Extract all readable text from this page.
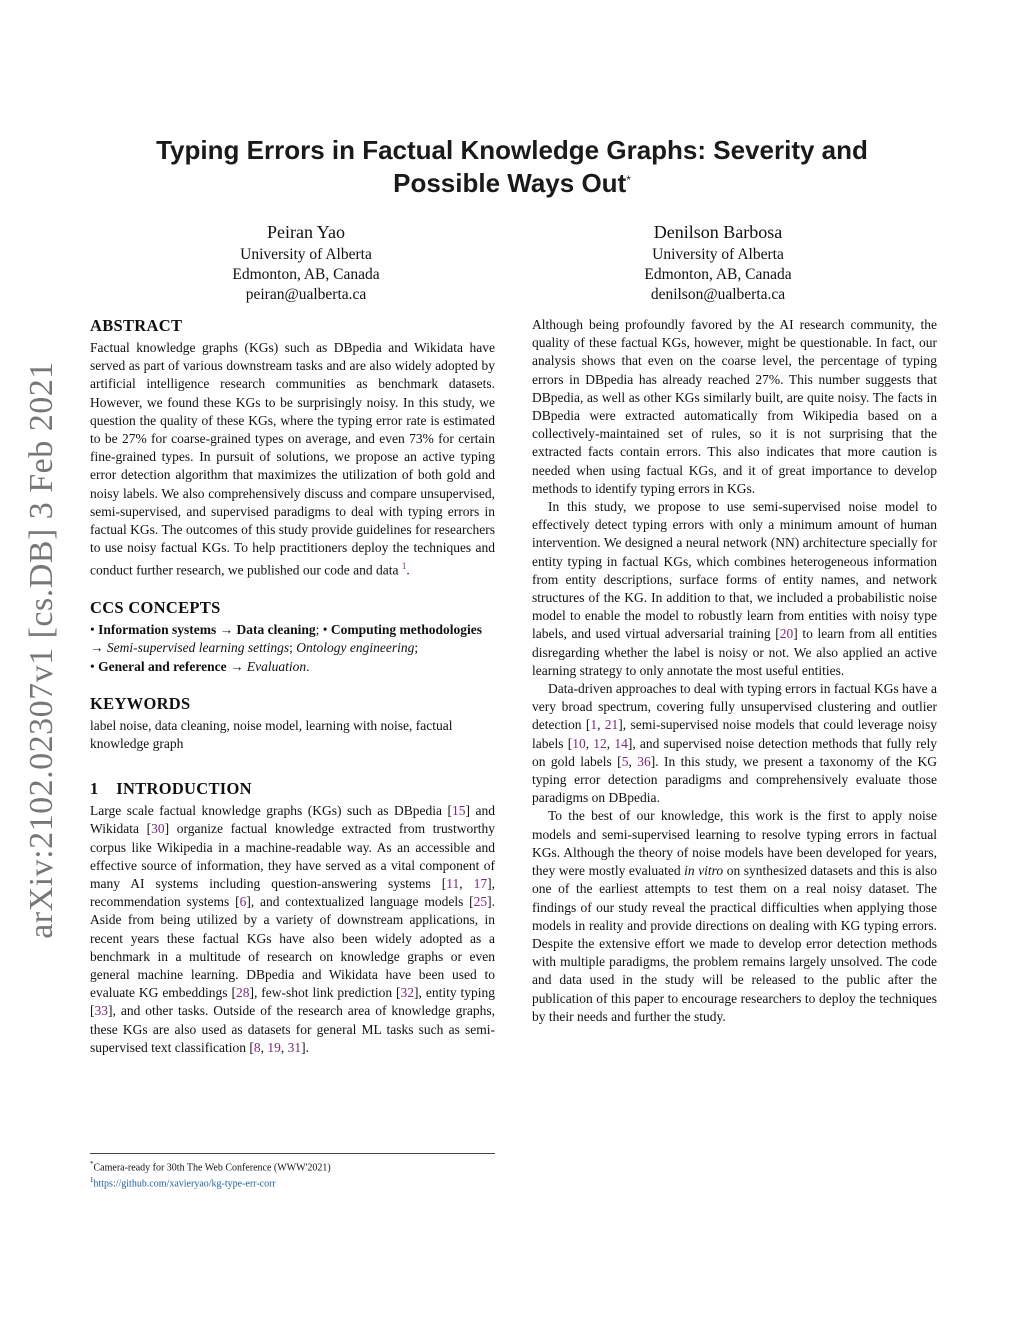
arXiv:2102.02307v1 [cs.DB] 3 Feb 2021
Typing Errors in Factual Knowledge Graphs: Severity and
Possible Ways Out*
Peiran Yao
University of Alberta
Edmonton, AB, Canada
peiran@ualberta.ca
Denilson Barbosa
University of Alberta
Edmonton, AB, Canada
denilson@ualberta.ca
ABSTRACT

Factual knowledge graphs (KGs) such as DBpedia and Wikidata have served as part of various downstream tasks and are also widely adopted by artificial intelligence research communities as benchmark datasets. However, we found these KGs to be surprisingly noisy. In this study, we question the quality of these KGs, where the typing error rate is estimated to be 27% for coarse-grained types on average, and even 73% for certain fine-grained types. In pursuit of solutions, we propose an active typing error detection algorithm that maximizes the utilization of both gold and noisy labels. We also comprehensively discuss and compare unsupervised, semi-supervised, and supervised paradigms to deal with typing errors in factual KGs. The outcomes of this study provide guidelines for researchers to use noisy factual KGs. To help practitioners deploy the techniques and conduct further research, we published our code and data $^1$.

CCS CONCEPTS

• Information systems → Data cleaning; • Computing methodologies → Semi-supervised learning settings; Ontology engineering;
• General and reference → Evaluation.

KEYWORDS

label noise, data cleaning, noise model, learning with noise, factual knowledge graph

1    INTRODUCTION

Large scale factual knowledge graphs (KGs) such as DBpedia [15] and Wikidata [30] organize factual knowledge extracted from trustworthy corpus like Wikipedia in a machine-readable way. As an accessible and effective source of information, they have served as a vital component of many AI systems including question-answering systems [11, 17], recommendation systems [6], and contextualized language models [25]. Aside from being utilized by a variety of downstream applications, in recent years these factual KGs have also been widely adopted as a benchmark in a multitude of research on knowledge graphs or even general machine learning. DBpedia and Wikidata have been used to evaluate KG embeddings [28], few-shot link prediction [32], entity typing [33], and other tasks. Outside of the research area of knowledge graphs, these KGs are also used as datasets for general ML tasks such as semi-supervised text classification [8, 19, 31].

Although being profoundly favored by the AI research community, the quality of these factual KGs, however, might be questionable. In fact, our analysis shows that even on the coarse level, the percentage of typing errors in DBpedia has already reached 27%. This number suggests that DBpedia, as well as other KGs similarly built, are quite noisy. The facts in DBpedia were extracted automatically from Wikipedia based on a collectively-maintained set of rules, so it is not surprising that the extracted facts contain errors. This also indicates that more caution is needed when using factual KGs, and it of great importance to develop methods to identify typing errors in KGs.

In this study, we propose to use semi-supervised noise model to effectively detect typing errors with only a minimum amount of human intervention. We designed a neural network (NN) architecture specially for entity typing in factual KGs, which combines heterogeneous information from entity descriptions, surface forms of entity names, and network structures of the KG. In addition to that, we included a probabilistic noise model to enable the model to robustly learn from entities with noisy type labels, and used virtual adversarial training [20] to learn from all entities disregarding whether the label is noisy or not. We also applied an active learning strategy to only annotate the most useful entities.

Data-driven approaches to deal with typing errors in factual KGs have a very broad spectrum, covering fully unsupervised clustering and outlier detection [1, 21], semi-supervised noise models that could leverage noisy labels [10, 12, 14], and supervised noise detection methods that fully rely on gold labels [5, 36]. In this study, we present a taxonomy of the KG typing error detection paradigms and comprehensively evaluate those paradigms on DBpedia.

To the best of our knowledge, this work is the first to apply noise models and semi-supervised learning to resolve typing errors in factual KGs. Although the theory of noise models have been developed for years, they were mostly evaluated in vitro on synthesized datasets and this is also one of the earliest attempts to test them on a real noisy dataset. The findings of our study reveal the practical difficulties when applying those models in reality and provide directions on dealing with KG typing errors. Despite the extensive effort we made to develop error detection methods with multiple paradigms, the problem remains largely unsolved. The code and data used in the study will be released to the public after the publication of this paper to encourage researchers to deploy the techniques by their needs and further the study.

*Camera-ready for 30th The Web Conference (WWW'2021)
$^1$https://github.com/xavieryao/kg-type-err-corr
